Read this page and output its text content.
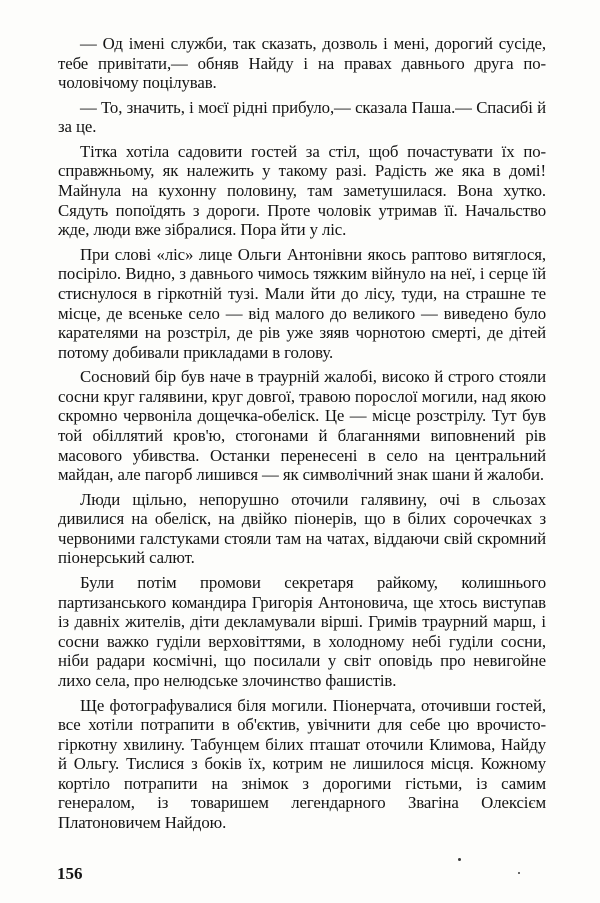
— Од імені служби, так сказать, дозволь і мені, дорогий сусіде, тебе привітати,— обняв Найду і на правах давнього друга по-чоловічому поцілував.

— То, значить, і моєї рідні прибуло,— сказала Паша.— Спасибі й за це.

Тітка хотіла садовити гостей за стіл, щоб почастувати їх по-справжньому, як належить у такому разі. Радість же яка в домі! Майнула на кухонну половину, там заметушилася. Вона хутко. Сядуть попоїдять з дороги. Проте чоловік утримав її. Начальство жде, люди вже зібралися. Пора йти у ліс.

При слові «ліс» лице Ольги Антонівни якось раптово витяглося, посіріло. Видно, з давнього чимось тяжким війнуло на неї, і серце їй стиснулося в гіркотній тузі. Мали йти до лісу, туди, на страшне те місце, де всеньке село — від малого до великого — виведено було карателями на розстріл, де рів уже зяяв чорнотою смерті, де дітей потому добивали прикладами в голову.

Сосновий бір був наче в траурній жалобі, високо й строго стояли сосни круг галявини, круг довгої, травою порослої могили, над якою скромно червоніла дощечка-обеліск. Це — місце розстрілу. Тут був той обіллятий кров'ю, стогонами й благаннями виповнений рів масового убивства. Останки перенесені в село на центральний майдан, але пагорб лишився — як символічний знак шани й жалоби.

Люди щільно, непорушно оточили галявину, очі в сльозах дивилися на обеліск, на двійко піонерів, що в білих сорочечках з червоними галстуками стояли там на чатах, віддаючи свій скромний піонерський салют.

Були потім промови секретаря райкому, колишнього партизанського командира Григорія Антоновича, ще хтось виступав із давніх жителів, діти декламували вірші. Гримів траурний марш, і сосни важко гуділи верховіттями, в холодному небі гуділи сосни, ніби радари космічні, що посилали у світ оповідь про невигойне лихо села, про нелюдське злочинство фашистів.

Ще фотографувалися біля могили. Піонерчата, оточивши гостей, все хотіли потрапити в об'єктив, увічнити для себе цю врочисто-гіркотну хвилину. Табунцем білих пташат оточили Климова, Найду й Ольгу. Тислися з боків їх, котрим не лишилося місця. Кожному кортіло потрапити на знімок з дорогими гістьми, із самим генералом, із товаришем легендарного Звагіна Олексієм Платоновичем Найдою.

156
